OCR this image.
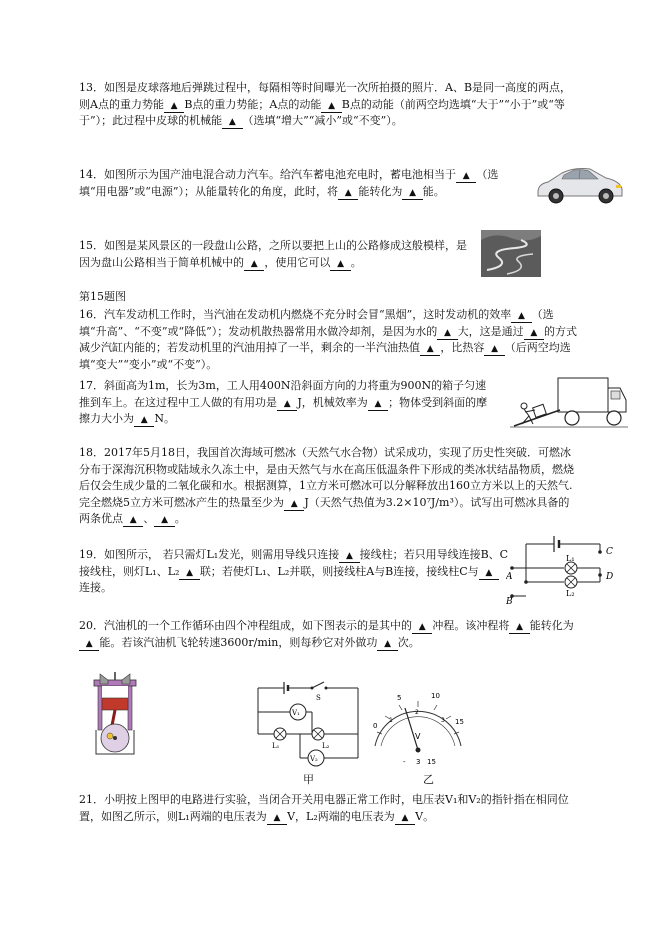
13．如图是皮球落地后弹跳过程中，每隔相等时间曝光一次所拍摄的照片．A、B是同一高度的两点，则A点的重力势能  ▲  B点的重力势能；A点的动能  ▲  B点的动能（前两空均选填“大于”“小于”或“等于”）；此过程中皮球的机械能  ▲  （选填“增大”“减小”或“不变”）。

14．如图所示为国产油电混合动力汽车。给汽车蓄电池充电时，蓄电池相当于  ▲  （选填“用电器”或“电源”）；从能量转化的角度，此时，将  ▲  能转化为  ▲  能。

15．如图是某风景区的一段盘山公路，之所以要把上山的公路修成这般模样，是因为盘山公路相当于简单机械中的  ▲  ，使用它可以  ▲  。

第15题图

16．汽车发动机工作时，当汽油在发动机内燃烧不充分时会冒“黑烟”，这时发动机的效率  ▲  （选填“升高”、“不变”或“降低”）；发动机散热器常用水做冷却剂，是因为水的  ▲  大，这是通过  ▲  的方式减少汽缸内能的；若发动机里的汽油用掉了一半，剩余的一半汽油热值  ▲  ，比热容  ▲  （后两空均选填“变大”“变小”或“不变”）。

17．斜面高为1m，长为3m，工人用400N沿斜面方向的力将重为900N的箱子匀速推到车上。在这过程中工人做的有用功是  ▲  J，机械效率为  ▲  ；物体受到斜面的摩擦力大小为  ▲  N。

18．2017年5月18日，我国首次海域可燃冰（天然气水合物）试采成功，实现了历史性突破．可燃冰分布于深海沉积物或陆域永久冻土中，是由天然气与水在高压低温条件下形成的类冰状结晶物质，燃烧后仅会生成少量的二氧化碳和水。根据测算，1立方米可燃冰可以分解释放出160立方米以上的天然气.完全燃烧5立方米可燃冰产生的热量至少为  ▲  J（天然气热值为3.2×10⁷J/m³）。试写出可燃冰具备的两条优点  ▲  、  ▲  。

19．如图所示， 若只需灯L₁发光，则需用导线只连接  ▲  接线柱；若只用导线连接B、C接线柱，则灯L₁、L₂  ▲  联；若使灯L₁、L₂并联，则接线柱A与B连接，接线柱C与  ▲  连接。

20．汽油机的一个工作循环由四个冲程组成，如下图表示的是其中的  ▲  冲程。该冲程将  ▲  能转化为  ▲  能。若该汽油机飞轮转速3600r/min，则每秒它对外做功  ▲  次。

21．小明按上图甲的电路进行实验，当闭合开关用电器正常工作时，电压表V₁和V₂的指针指在相同位置，如图乙所示，则L₁两端的电压表为  ▲  V，L₂两端的电压表为  ▲  V。

A
B
C
D
L₁
L₂
S
V₁
V₂
L₁	L₂
0
5	10
15
1
2
3
V
- 3 15
甲	乙
